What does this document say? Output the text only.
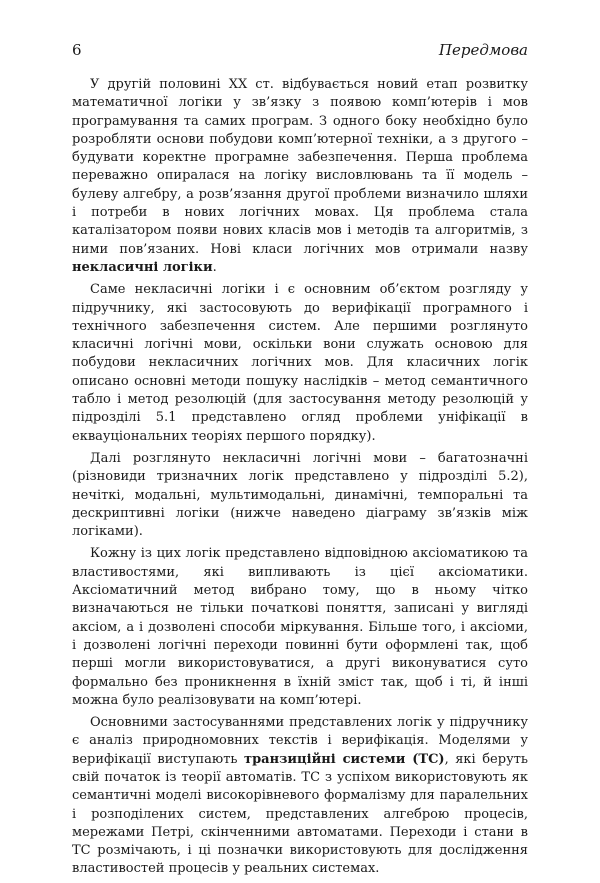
6	Передмова

У другій половині XX ст. відбувається новий етап розвитку математичної логіки у зв’язку з появою комп’ютерів і мов програмування та самих програм. З одного боку необхідно було розробляти основи побудови комп’ютерної техніки, а з другого – будувати коректне програмне забезпечення. Перша проблема переважно опиралася на логіку висловлювань та її модель – булеву алгебру, а розв’язання другої проблеми визначило шляхи і потреби в нових логічних мовах. Ця проблема стала каталізатором появи нових класів мов і методів та алгоритмів, з ними пов’язаних. Нові класи логічних мов отримали назву некласичні логіки.

Саме некласичні логіки і є основним об’єктом розгляду у підручнику, які застосовують до верифікації програмного і технічного забезпечення систем. Але першими розглянуто класичні логічні мови, оскільки вони служать основою для побудови некласичних логічних мов. Для класичних логік описано основні методи пошуку наслідків – метод семантичного табло і метод резолюцій (для застосування методу резолюцій у підрозділі 5.1 представлено огляд проблеми уніфікації в еквауціональних теоріях першого порядку).

Далі розглянуто некласичні логічні мови – багатозначні (різновиди тризначних логік представлено у підрозділі 5.2), нечіткі, модальні, мультимодальні, динамічні, темпоральні та дескриптивні логіки (нижче наведено діаграму зв’язків між логіками).

Кожну із цих логік представлено відповідною аксіоматикою та властивостями, які випливають із цієї аксіоматики. Аксіоматичний метод вибрано тому, що в ньому чітко визначаються не тільки початкові поняття, записані у вигляді аксіом, а і дозволені способи міркування. Більше того, і аксіоми, і дозволені логічні переходи повинні бути оформлені так, щоб перші могли використовуватися, а другі виконуватися суто формально без проникнення в їхній зміст так, щоб і ті, й інші можна було реалізовувати на комп’ютері.

Основними застосуваннями представлених логік у підручнику є аналіз природномовних текстів і верифікація. Моделями у верифікації виступають транзиційні системи (ТС), які беруть свій початок із теорії автоматів. ТС з успіхом використовують як семантичні моделі високорівневого формалізму для паралельних і розподілених систем, представлених алгеброю процесів, мережами Петрі, скінченними автоматами. Переходи і стани в ТС розмічають, і ці позначки використовують для дослідження властивостей процесів у реальних системах.
